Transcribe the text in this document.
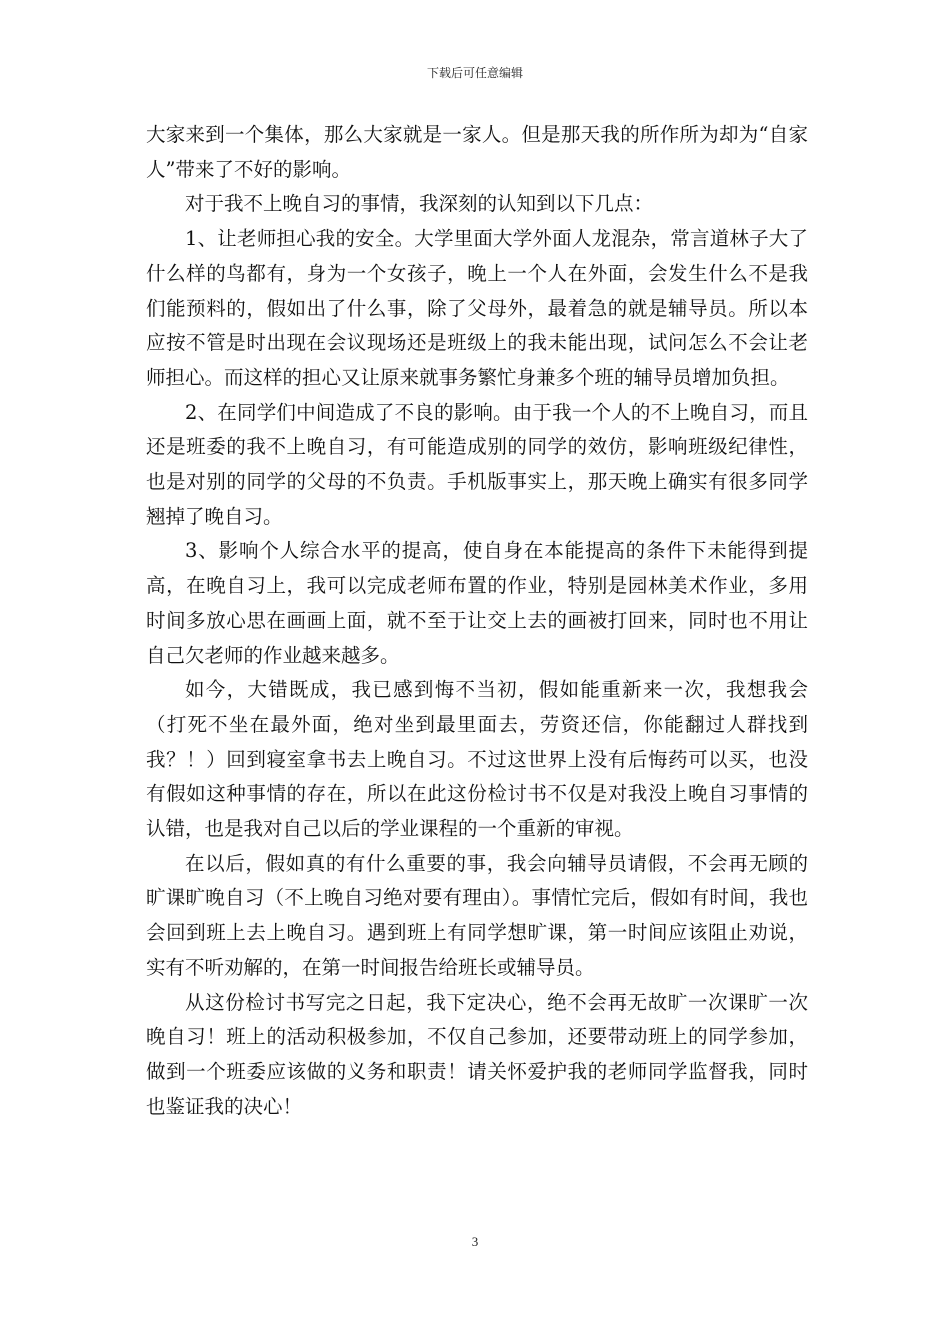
下载后可任意编辑

大家来到一个集体，那么大家就是一家人。但是那天我的所作所为却为“自家人”带来了不好的影响。

对于我不上晚自习的事情，我深刻的认知到以下几点：

1、让老师担心我的安全。大学里面大学外面人龙混杂，常言道林子大了什么样的鸟都有，身为一个女孩子，晚上一个人在外面，会发生什么不是我们能预料的，假如出了什么事，除了父母外，最着急的就是辅导员。所以本应按不管是时出现在会议现场还是班级上的我未能出现，试问怎么不会让老师担心。而这样的担心又让原来就事务繁忙身兼多个班的辅导员增加负担。

2、在同学们中间造成了不良的影响。由于我一个人的不上晚自习，而且还是班委的我不上晚自习，有可能造成别的同学的效仿，影响班级纪律性，也是对别的同学的父母的不负责。手机版事实上，那天晚上确实有很多同学翘掉了晚自习。

3、影响个人综合水平的提高，使自身在本能提高的条件下未能得到提高，在晚自习上，我可以完成老师布置的作业，特别是园林美术作业，多用时间多放心思在画画上面，就不至于让交上去的画被打回来，同时也不用让自己欠老师的作业越来越多。

如今，大错既成，我已感到悔不当初，假如能重新来一次，我想我会（打死不坐在最外面，绝对坐到最里面去，劳资还信，你能翻过人群找到我？！）回到寝室拿书去上晚自习。不过这世界上没有后悔药可以买，也没有假如这种事情的存在，所以在此这份检讨书不仅是对我没上晚自习事情的认错，也是我对自己以后的学业课程的一个重新的审视。

在以后，假如真的有什么重要的事，我会向辅导员请假，不会再无顾的旷课旷晚自习（不上晚自习绝对要有理由）。事情忙完后，假如有时间，我也会回到班上去上晚自习。遇到班上有同学想旷课，第一时间应该阻止劝说，实有不听劝解的，在第一时间报告给班长或辅导员。

从这份检讨书写完之日起，我下定决心，绝不会再无故旷一次课旷一次晚自习！班上的活动积极参加，不仅自己参加，还要带动班上的同学参加，做到一个班委应该做的义务和职责！请关怀爱护我的老师同学监督我，同时也鉴证我的决心！

3
